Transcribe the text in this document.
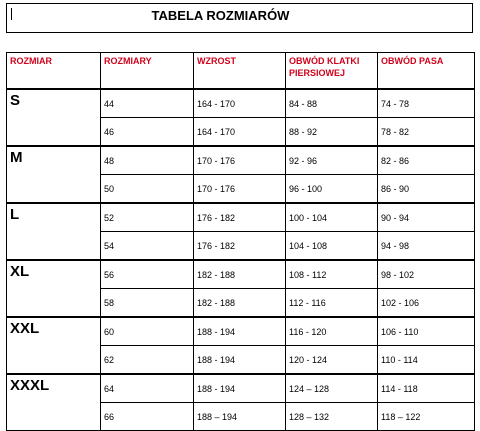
TABELA ROZMIARÓW
ROZMIAR	ROZMIARY	WZROST	OBWÓD KLATKI PIERSIOWEJ	OBWÓD PASA
S	44	164 - 170	84 - 88	74 - 78
	46	164 - 170	88 - 92	78 - 82
M	48	170 - 176	92 - 96	82 - 86
	50	170 - 176	96 - 100	86 - 90
L	52	176 - 182	100 - 104	90 - 94
	54	176 - 182	104 - 108	94 - 98
XL	56	182 - 188	108 - 112	98 - 102
	58	182 - 188	112 - 116	102 - 106
XXL	60	188 - 194	116 - 120	106 - 110
	62	188 - 194	120 - 124	110 - 114
XXXL	64	188 - 194	124 – 128	114 - 118
	66	188 – 194	128 – 132	118 – 122
